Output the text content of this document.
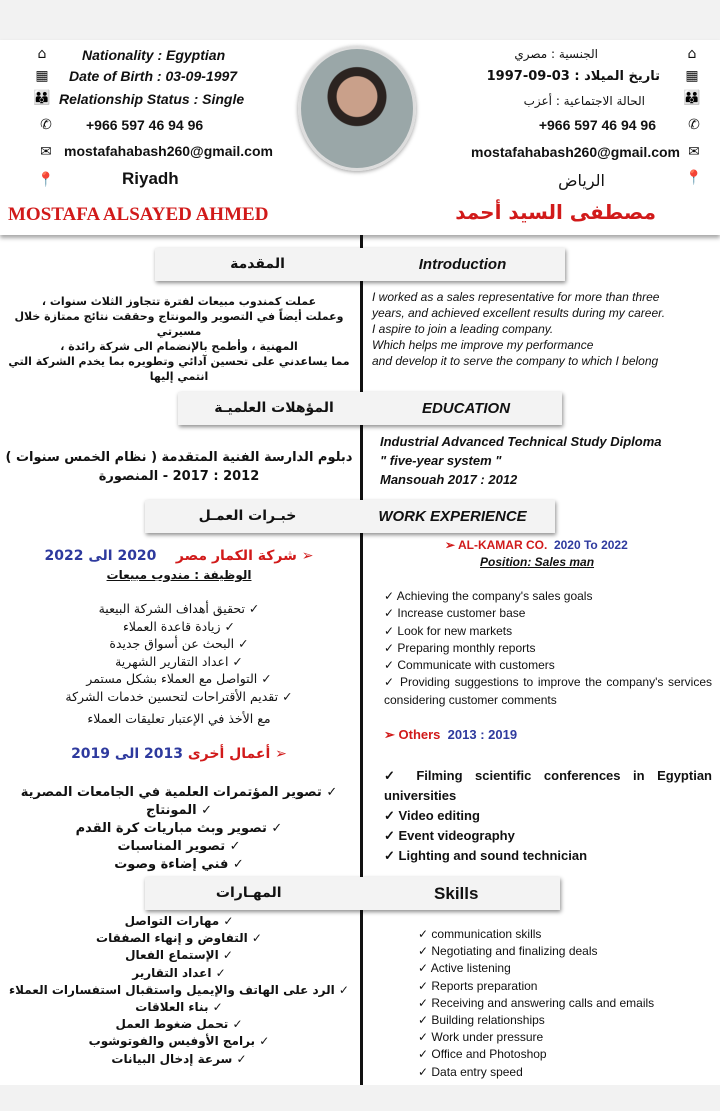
⌂	Nationality : Egyptian
▦ Date of Birth : 03-09-1997
👪 Relationship Status : Single
✆ +966 597 46 94 96
✉ mostafahabash260@gmail.com
📍	Riyadh
MOSTAFA ALSAYED AHMED
الجنسية : مصري	⌂
تاريخ الميلاد : 03-09-1997 ▦
الحالة الاجتماعية : أعزب	👪
+966 597 46 94 96 ✆
mostafahabash260@gmail.com ✉
الرياض	📍
مصطفى السيد أحمد
المقدمة	Introduction
عملت كمندوب مبيعات لفترة تتجاوز الثلاث سنوات ،
وعملت أيضاً في التصوير والمونتاج وحققت نتائج ممتازة خلال مسيرتي
المهنية ، وأطمح بالإنضمام الى شركة رائدة ،
مما يساعدني على تحسين آدائي وتطويره بما يخدم الشركة التي انتمي إليها
I worked as a sales representative for more than three
years, and achieved excellent results during my career.
I aspire to join a leading company.
Which helps me improve my performance
and develop it to serve the company to which I belong
المؤهلات العلميـة	EDUCATION
دبلوم الدارسة الفنية المتقدمة ( نظام الخمس سنوات )
2012 : 2017 - المنصورة
Industrial Advanced Technical Study Diploma
" five-year system "
Mansouah 2017 : 2012
خبـرات العمـل	WORK EXPERIENCE
➢ شركة الكمار مصر    2020 الى 2022
الوظيفة : مندوب مبيعات
✓ تحقيق أهداف الشركة البيعية
✓ زيادة قاعدة العملاء
✓ البحث عن أسواق جديدة
✓ اعداد التقارير الشهرية
✓ التواصل مع العملاء بشكل مستمر
✓ تقديم الأقتراحات لتحسين خدمات الشركة
مع الأخذ في الإعتبار تعليقات العملاء
➢ أعمال أخرى 2013 الى 2019
✓ تصوير المؤتمرات العلمية في الجامعات المصرية
✓ المونتاج
✓ تصوير وبث مباريات كرة القدم
✓ تصوير المناسبات
✓ فني إضاءة وصوت
➢ AL-KAMAR CO. 2020 To 2022
Position: Sales man
✓ Achieving the company's sales goals
✓ Increase customer base
✓ Look for new markets
✓ Preparing monthly reports
✓ Communicate with customers
✓ Providing suggestions to improve the company's services considering customer comments
➢ Others 2013 : 2019
✓ Filming scientific conferences in Egyptian universities
✓ Video editing
✓ Event videography
✓ Lighting and sound technician
المهـارات	Skills
✓ مهارات التواصل
✓ التفاوض و إنهاء الصفقات
✓ الإستماع الفعال
✓ اعداد التقارير
✓ الرد على الهاتف والإيميل واستقبال استفسارات العملاء
✓ بناء العلاقات
✓ تحمل ضغوط العمل
✓ برامج الأوفيس والفوتوشوب
✓ سرعة إدخال البيانات
✓ communication skills
✓ Negotiating and finalizing deals
✓ Active listening
✓ Reports preparation
✓ Receiving and answering calls and emails
✓ Building relationships
✓ Work under pressure
✓ Office and Photoshop
✓ Data entry speed
